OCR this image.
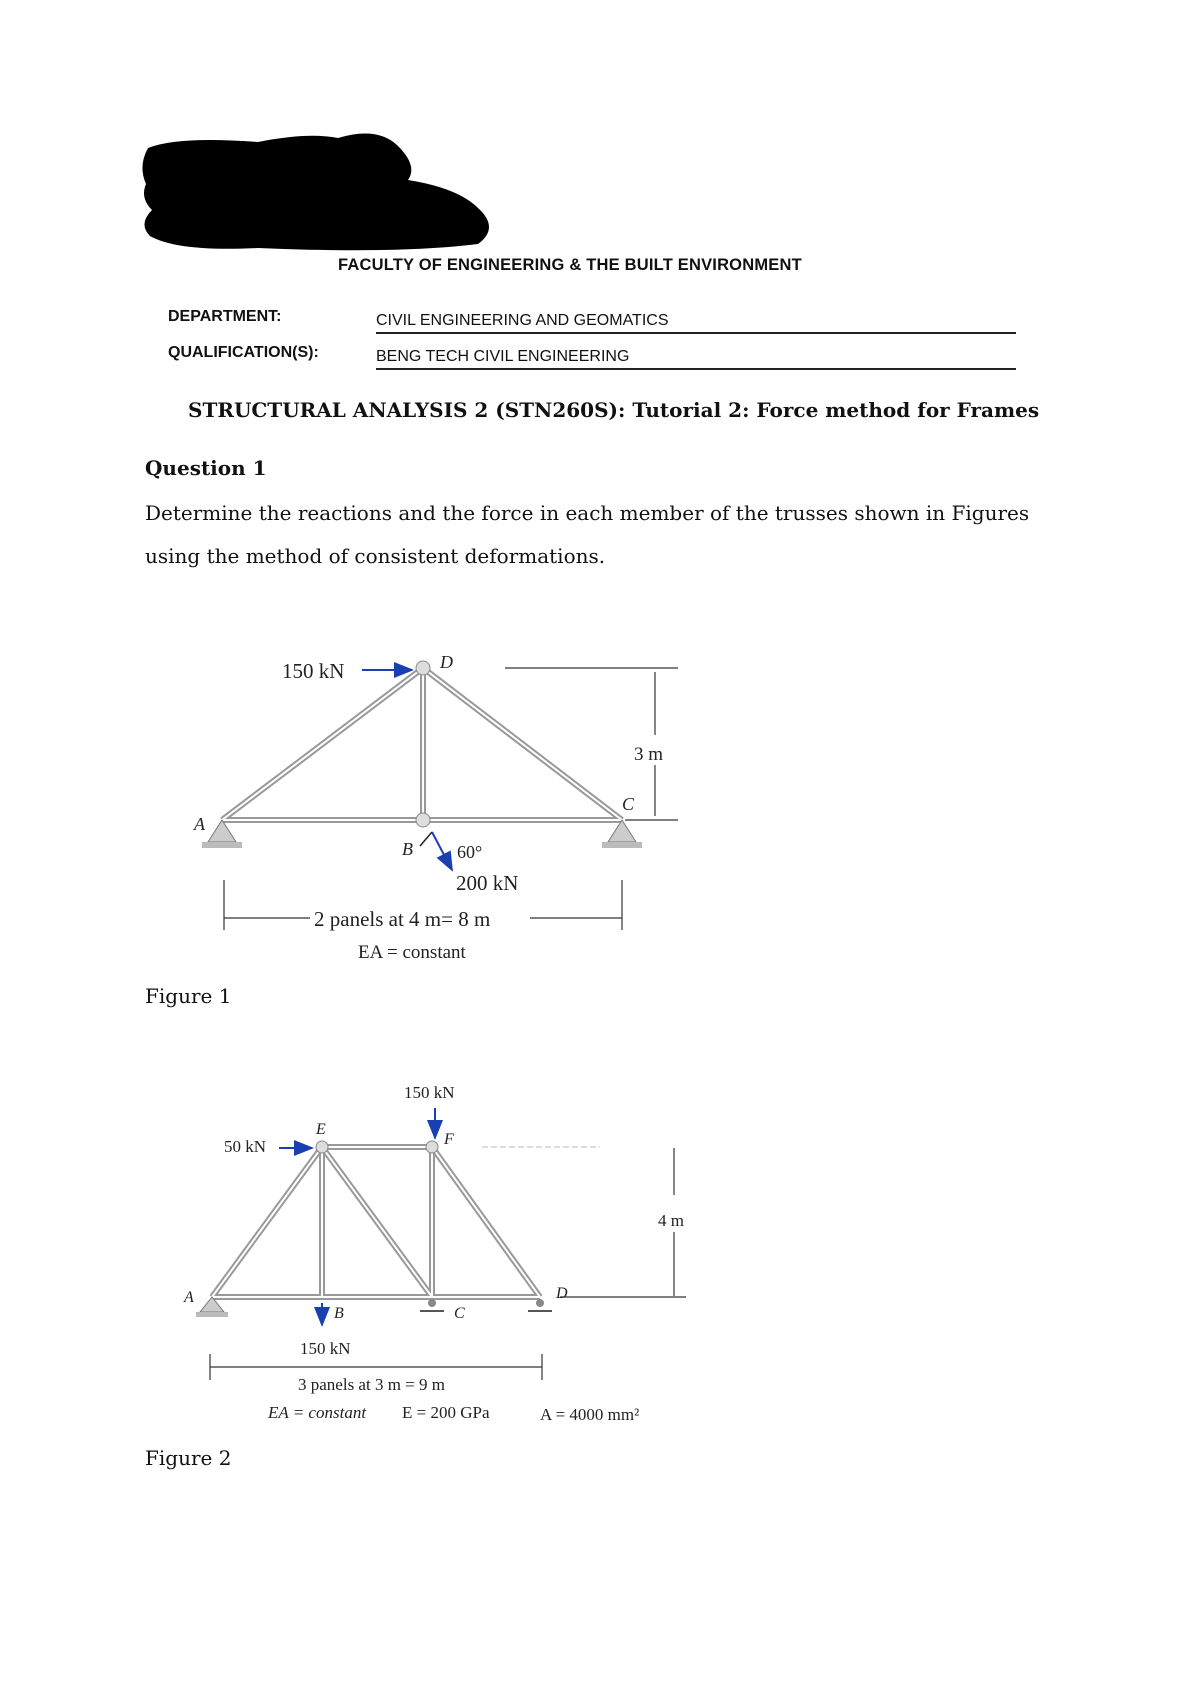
FACULTY OF ENGINEERING & THE BUILT ENVIRONMENT
DEPARTMENT:	CIVIL ENGINEERING AND GEOMATICS
QUALIFICATION(S):	BENG TECH CIVIL ENGINEERING
STRUCTURAL ANALYSIS 2 (STN260S): Tutorial 2: Force method for Frames
Question 1
Determine the reactions and the force in each member of the trusses shown in Figures using the method of consistent deformations.
150 kN	D
A
B
C
60°
200 kN
3 m
2 panels at 4 m= 8 m
EA = constant
Figure 1
150 kN
50 kN
E
F
A
B	C
D
4 m
150 kN
3 panels at 3 m = 9 m
EA = constant E = 200 GPa	A = 4000 mm²
Figure 2
